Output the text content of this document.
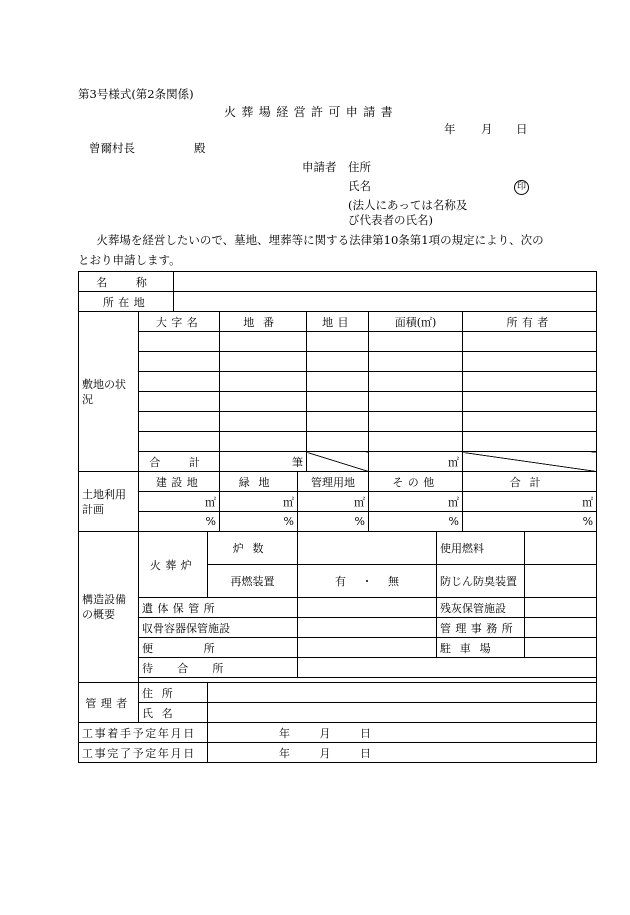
第3号様式(第2条関係)
火葬場経営許可申請書
年 月 日
曾爾村長	殿
申請者 住所
氏名	印
(法人にあっては名称及
び代表者の氏名)
火葬場を経営したいので、墓地、埋葬等に関する法律第10条第1項の規定により、次のとおり申請します。
名　称										
所在地										
敷地の状況	大字名			地番		地目	面積(㎡)		所有者	

	合　計			筆			㎡			
土地利用計画	建設地			緑地	管理用地		その他		合計	
	㎡			㎡	㎡		㎡		㎡	
	%			%	%		%		%	
構造設備の概要	火葬炉		炉数					使用燃料		
			再燃装置		有 ・ 無			防じん防臭装置		
	遺体保管所							残灰保管施設		
	収骨容器保管施設							管理事務所		
	便所							駐車場		
	待合所									

管理者	住所									
	氏名									
工事着手予定年月日			年 月 日							
工事完了予定年月日			年 月 日							
